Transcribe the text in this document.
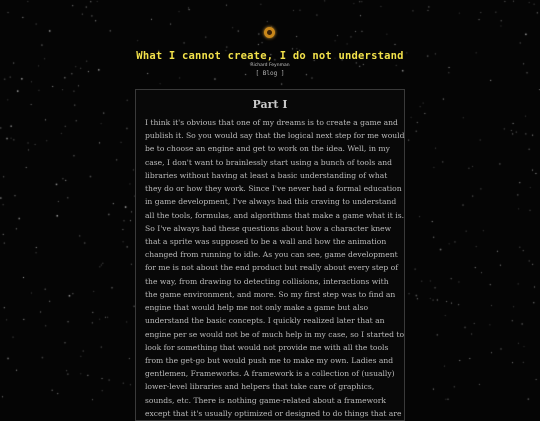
What I cannot create, I do not understand
Richard Feynman
[ Blog ]
Part I
I think it's obvious that one of my dreams is to create a game and
publish it. So you would say that the logical next step for me would
be to choose an engine and get to work on the idea. Well, in my
case, I don't want to brainlessly start using a bunch of tools and
libraries without having at least a basic understanding of what
they do or how they work. Since I've never had a formal education
in game development, I've always had this craving to understand
all the tools, formulas, and algorithms that make a game what it is.
So I've always had these questions about how a character knew
that a sprite was supposed to be a wall and how the animation
changed from running to idle. As you can see, game development
for me is not about the end product but really about every step of
the way, from drawing to detecting collisions, interactions with
the game environment, and more. So my first step was to find an
engine that would help me not only make a game but also
understand the basic concepts. I quickly realized later that an
engine per se would not be of much help in my case, so I started to
look for something that would not provide me with all the tools
from the get-go but would push me to make my own. Ladies and
gentlemen, Frameworks. A framework is a collection of (usually)
lower-level libraries and helpers that take care of graphics,
sounds, etc. There is nothing game-related about a framework
except that it's usually optimized or designed to do things that are
